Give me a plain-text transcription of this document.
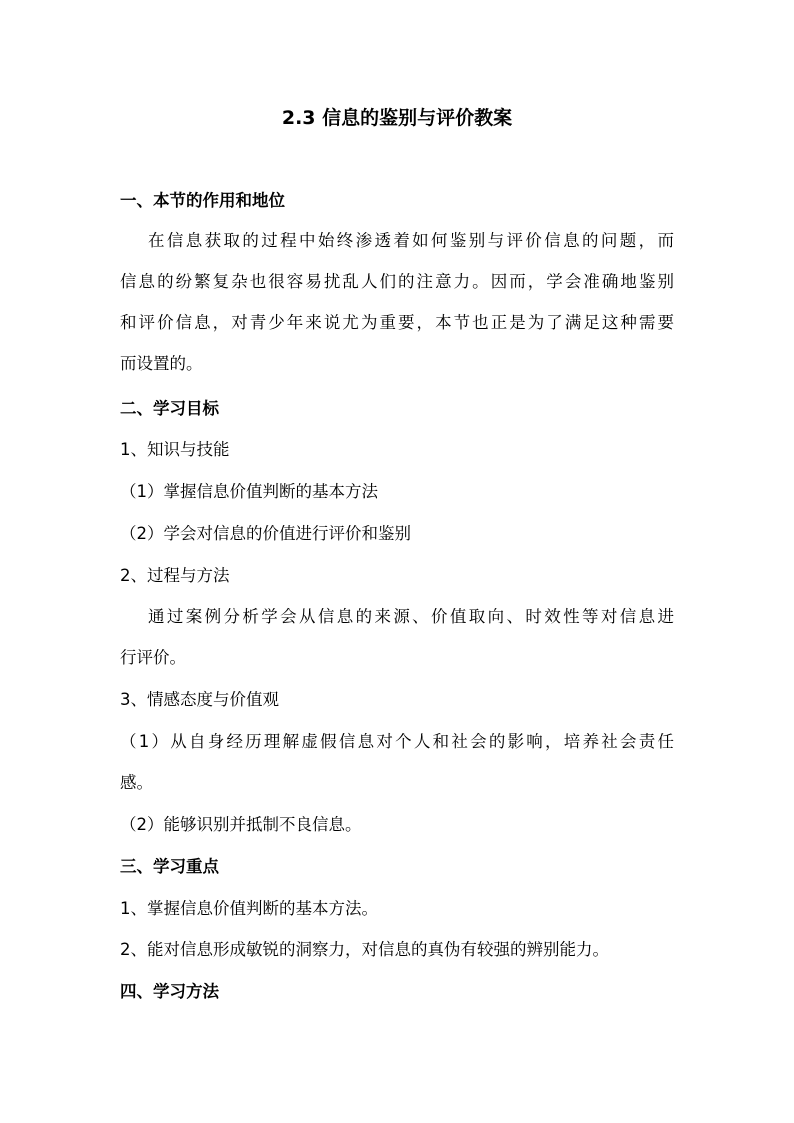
2.3 信息的鉴别与评价教案
一、本节的作用和地位
在信息获取的过程中始终渗透着如何鉴别与评价信息的问题，而
信息的纷繁复杂也很容易扰乱人们的注意力。因而，学会准确地鉴别
和评价信息，对青少年来说尤为重要，本节也正是为了满足这种需要
而设置的。
二、学习目标
1、知识与技能
（1）掌握信息价值判断的基本方法
（2）学会对信息的价值进行评价和鉴别
2、过程与方法
通过案例分析学会从信息的来源、价值取向、时效性等对信息进
行评价。
3、情感态度与价值观
（1）从自身经历理解虚假信息对个人和社会的影响，培养社会责任
感。
（2）能够识别并抵制不良信息。
三、学习重点
1、掌握信息价值判断的基本方法。
2、能对信息形成敏锐的洞察力，对信息的真伪有较强的辨别能力。
四、学习方法
